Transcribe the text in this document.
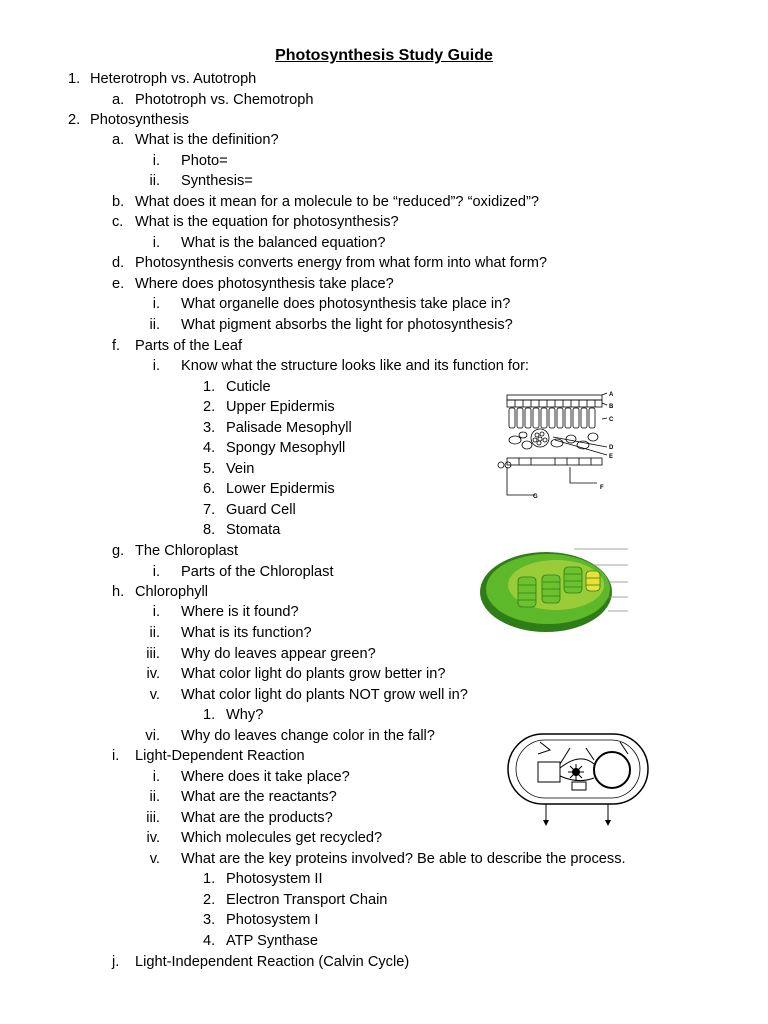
Photosynthesis Study Guide
1. Heterotroph vs. Autotroph
a. Phototroph vs. Chemotroph
2. Photosynthesis
a. What is the definition?
i. Photo=
ii. Synthesis=
b. What does it mean for a molecule to be “reduced”? “oxidized”?
c. What is the equation for photosynthesis?
i. What is the balanced equation?
d. Photosynthesis converts energy from what form into what form?
e. Where does photosynthesis take place?
i. What organelle does photosynthesis take place in?
ii. What pigment absorbs the light for photosynthesis?
f. Parts of the Leaf
i. Know what the structure looks like and its function for:
1. Cuticle
2. Upper Epidermis
3. Palisade Mesophyll
4. Spongy Mesophyll
5. Vein
6. Lower Epidermis
7. Guard Cell
8. Stomata
g. The Chloroplast
i. Parts of the Chloroplast
h. Chlorophyll
i. Where is it found?
ii. What is its function?
iii. Why do leaves appear green?
iv. What color light do plants grow better in?
v. What color light do plants NOT grow well in?
1. Why?
vi. Why do leaves change color in the fall?
i. Light-Dependent Reaction
i. Where does it take place?
ii. What are the reactants?
iii. What are the products?
iv. Which molecules get recycled?
v. What are the key proteins involved? Be able to describe the process.
1. Photosystem II
2. Electron Transport Chain
3. Photosystem I
4. ATP Synthase
j. Light-Independent Reaction (Calvin Cycle)
A
B
C
D
E
F
G
